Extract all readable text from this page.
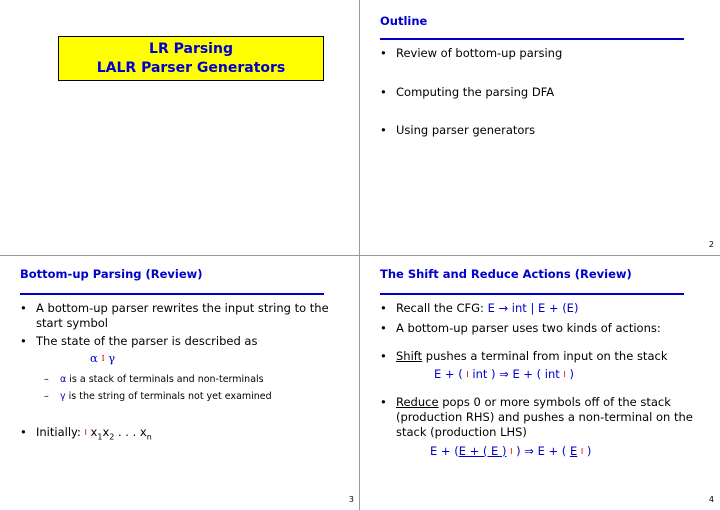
LR Parsing
LALR Parser Generators
Outline
• Review of bottom-up parsing
• Computing the parsing DFA
• Using parser generators
2
Bottom-up Parsing (Review)
• A bottom-up parser rewrites the input string to the start symbol
• The state of the parser is described as
α I γ
– α is a stack of terminals and non-terminals
– γ is the string of terminals not yet examined
• Initially: I $x_1x_2$ . . . $x_n$
3
The Shift and Reduce Actions (Review)
• Recall the CFG: E → int | E + (E)
• A bottom-up parser uses two kinds of actions:
• Shift pushes a terminal from input on the stack
E + ( I int ) ⇒ E + ( int I )
• Reduce pops 0 or more symbols off of the stack (production RHS) and pushes a non-terminal on the stack (production LHS)
E + (E + ( E ) I ) ⇒ E + ( E I )
4
